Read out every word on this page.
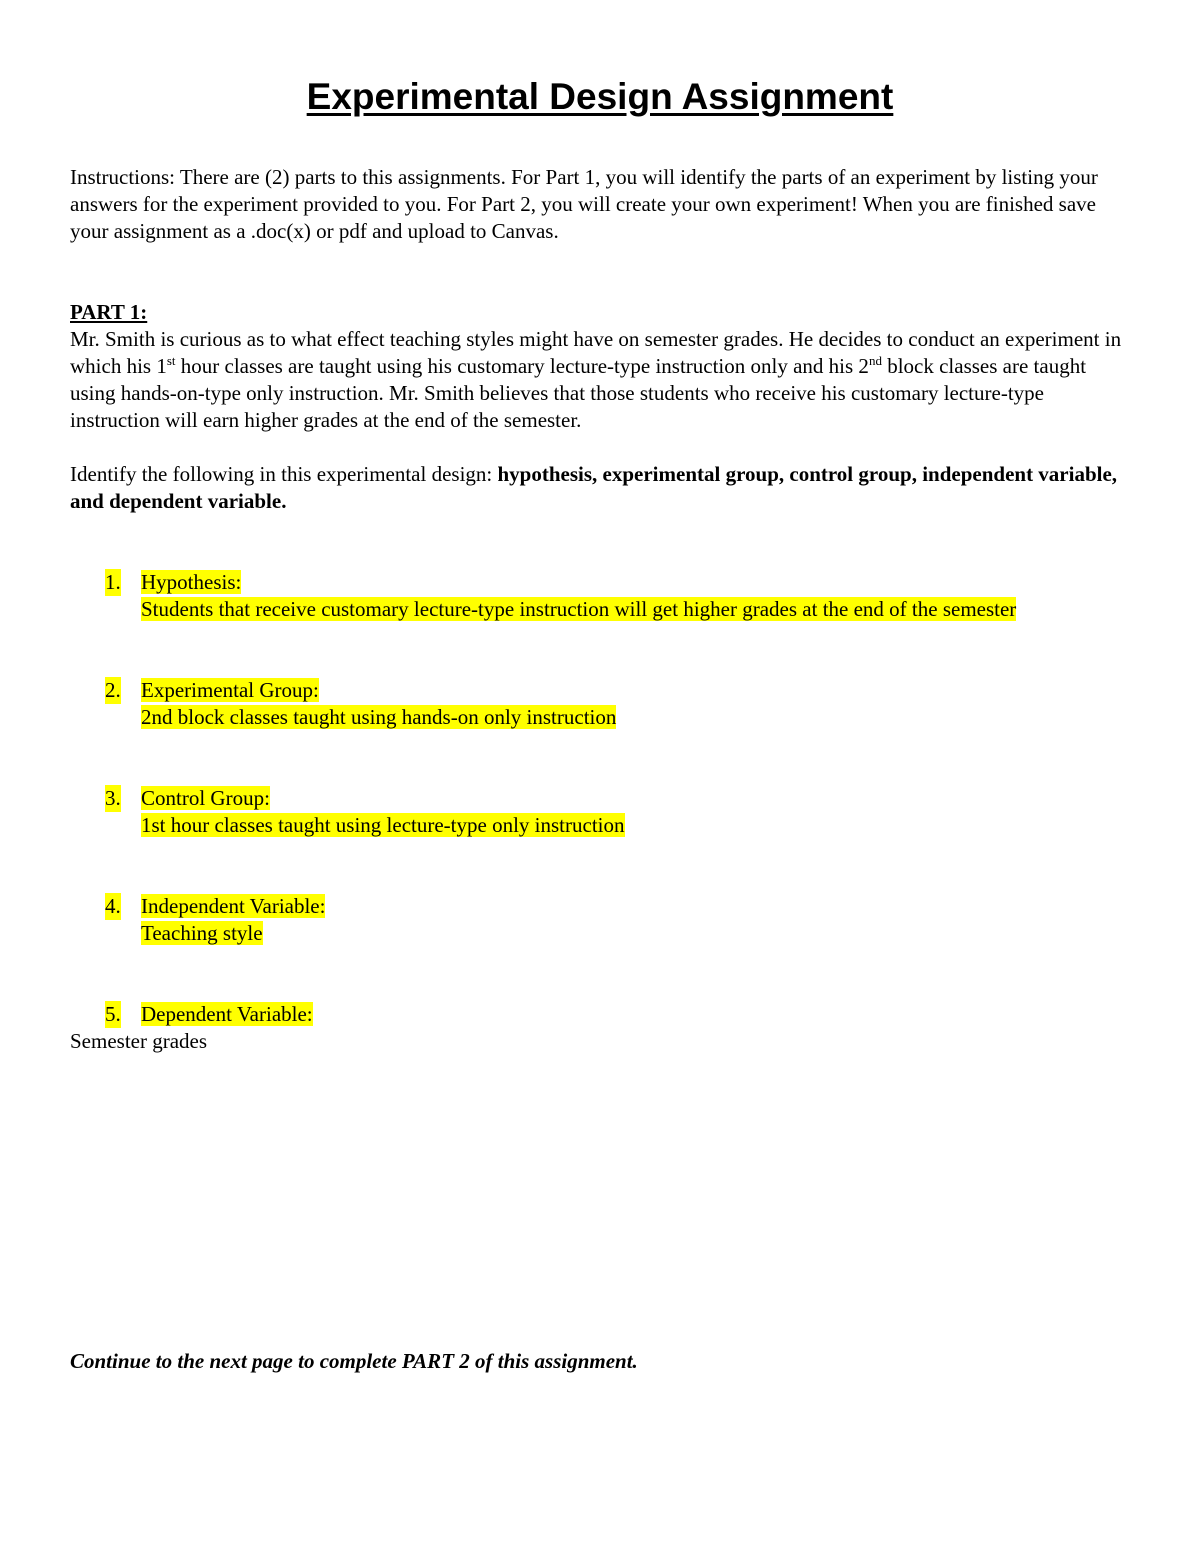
Experimental Design Assignment

Instructions: There are (2) parts to this assignments. For Part 1, you will identify the parts of an experiment by listing your answers for the experiment provided to you. For Part 2, you will create your own experiment! When you are finished save your assignment as a .doc(x) or pdf and upload to Canvas.

PART 1:

Mr. Smith is curious as to what effect teaching styles might have on semester grades. He decides to conduct an experiment in which his 1st hour classes are taught using his customary lecture-type instruction only and his 2nd block classes are taught using hands-on-type only instruction. Mr. Smith believes that those students who receive his customary lecture-type instruction will earn higher grades at the end of the semester.

Identify the following in this experimental design: hypothesis, experimental group, control group, independent variable, and dependent variable.

1. Hypothesis:
Students that receive customary lecture-type instruction will get higher grades at the end of the semester
2. Experimental Group:
2nd block classes taught using hands-on only instruction
3. Control Group:
1st hour classes taught using lecture-type only instruction
4. Independent Variable:
Teaching style
5. Dependent Variable:

Semester grades

Continue to the next page to complete PART 2 of this assignment.
